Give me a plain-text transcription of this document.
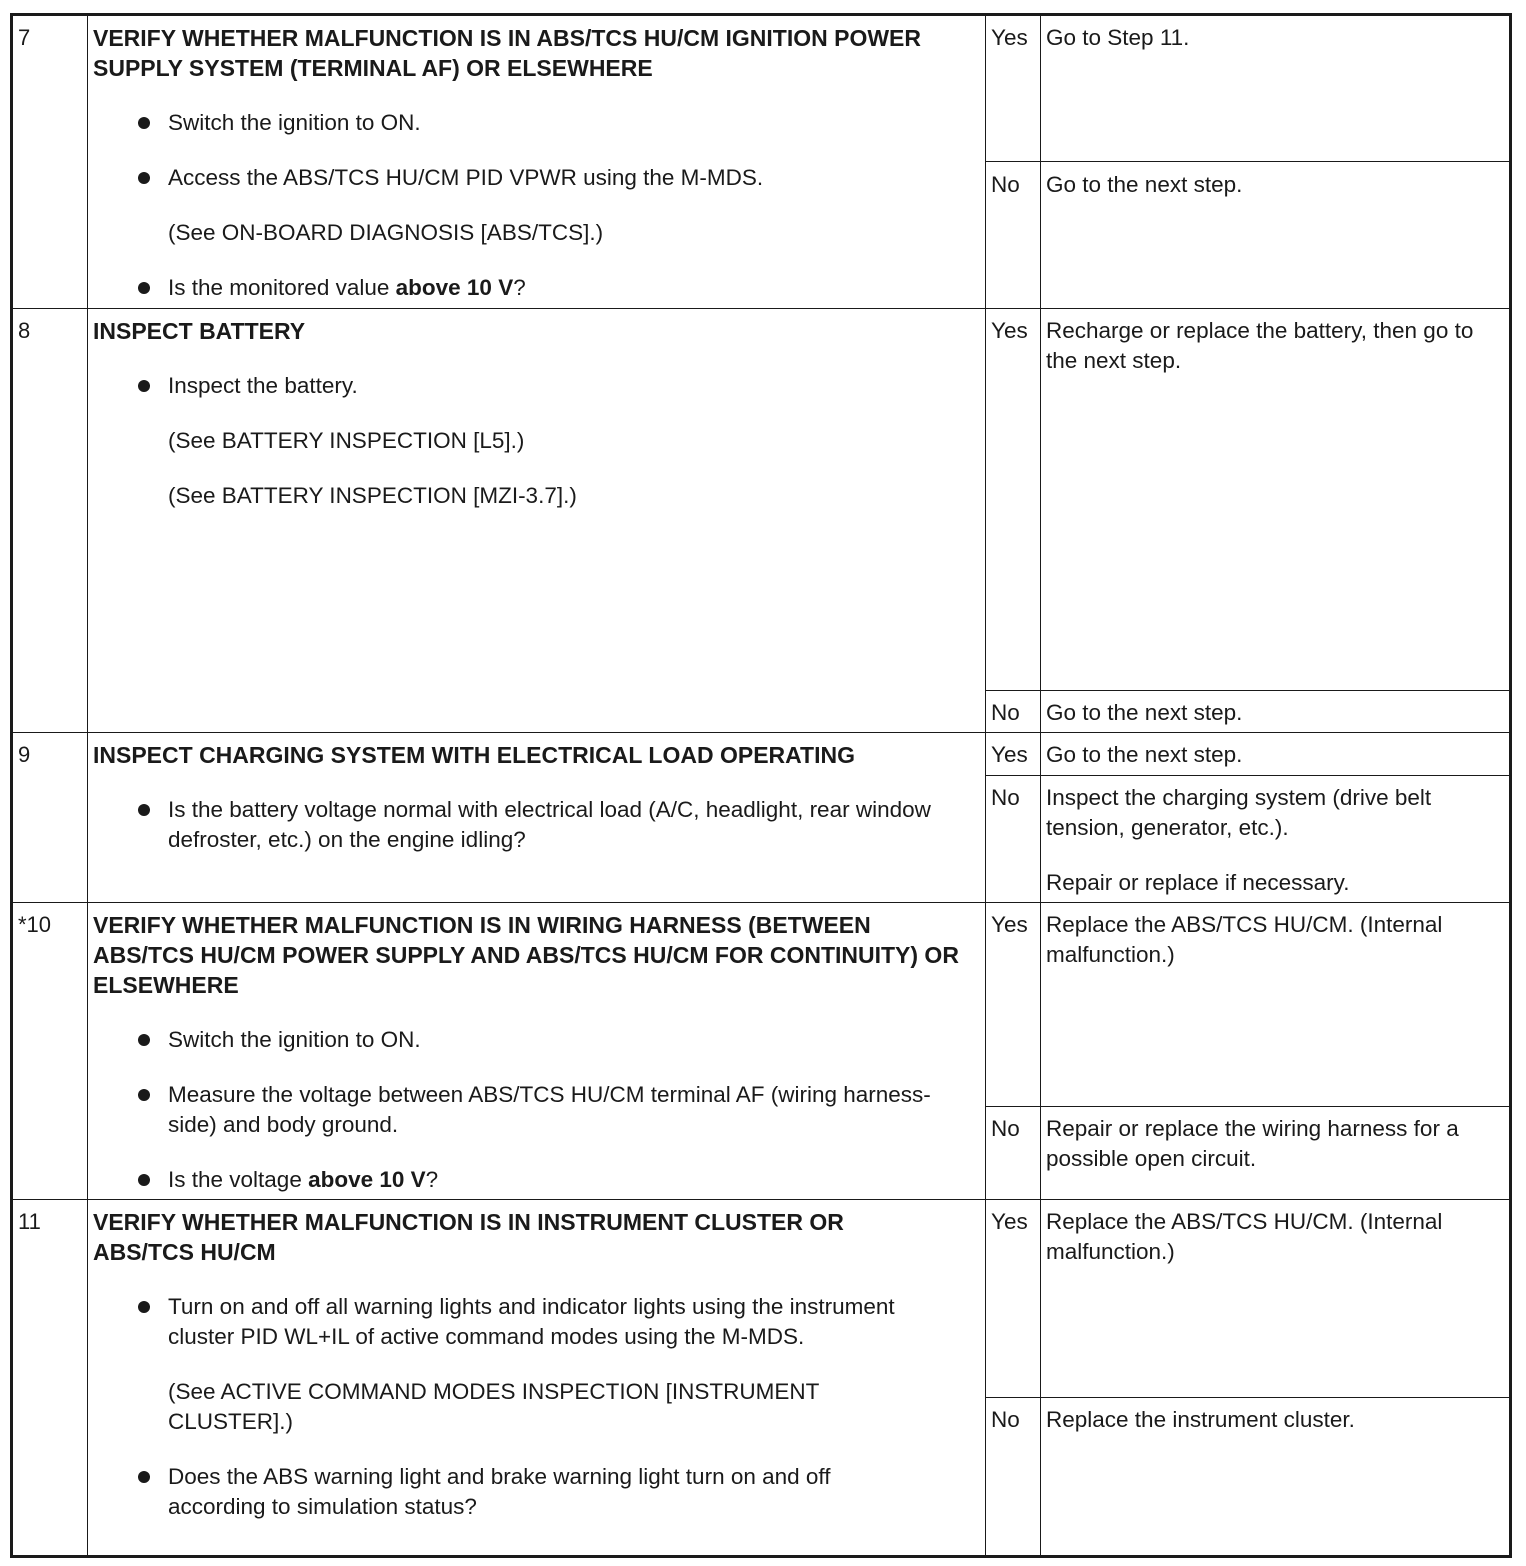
7	VERIFY WHETHER MALFUNCTION IS IN ABS/TCS HU/CM IGNITION POWER SUPPLY SYSTEM (TERMINAL AF) OR ELSEWHERE

Switch the ignition to ON.
Access the ABS/TCS HU/CM PID VPWR using the M-MDS.
(See ON-BOARD DIAGNOSIS [ABS/TCS].)
Is the monitored value above 10 V?
Yes Go to Step 11.
No Go to the next step.
8	INSPECT BATTERY

Inspect the battery.
(See BATTERY INSPECTION [L5].)
(See BATTERY INSPECTION [MZI-3.7].)
Yes Recharge or replace the battery, then go to the next step.
No Go to the next step.
9	INSPECT CHARGING SYSTEM WITH ELECTRICAL LOAD OPERATING

Is the battery voltage normal with electrical load (A/C, headlight, rear window defroster, etc.) on the engine idling?
Yes Go to the next step.
No Inspect the charging system (drive belt tension, generator, etc.).

Repair or replace if necessary.

*10 VERIFY WHETHER MALFUNCTION IS IN WIRING HARNESS (BETWEEN ABS/TCS HU/CM POWER SUPPLY AND ABS/TCS HU/CM FOR CONTINUITY) OR ELSEWHERE

Switch the ignition to ON.
Measure the voltage between ABS/TCS HU/CM terminal AF (wiring harness-side) and body ground.
Is the voltage above 10 V?
Yes Replace the ABS/TCS HU/CM. (Internal malfunction.)
No Repair or replace the wiring harness for a possible open circuit.
11 VERIFY WHETHER MALFUNCTION IS IN INSTRUMENT CLUSTER OR ABS/TCS HU/CM

Turn on and off all warning lights and indicator lights using the instrument cluster PID WL+IL of active command modes using the M-MDS.
(See ACTIVE COMMAND MODES INSPECTION [INSTRUMENT CLUSTER].)
Does the ABS warning light and brake warning light turn on and off according to simulation status?
Yes Replace the ABS/TCS HU/CM. (Internal malfunction.)
No Replace the instrument cluster.
